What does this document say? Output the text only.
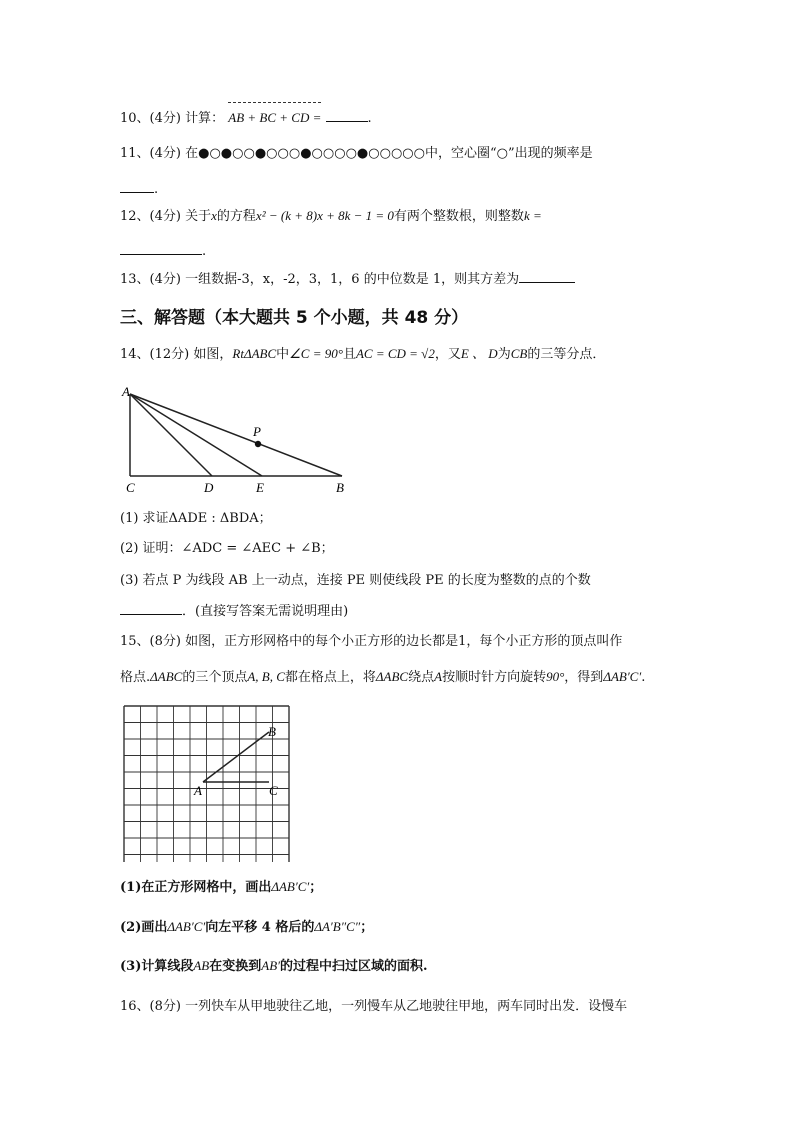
10、(4分) 计算： AB + BC + CD =	.
11、(4分) 在●○●○○●○○○●○○○○●○○○○○中，空心圈“○”出现的频率是
.
12、(4分) 关于x的方程x² − (k + 8)x + 8k − 1 = 0有两个整数根，则整数k =
.
13、(4分) 一组数据-3，x，-2，3，1，6 的中位数是 1，则其方差为
三、解答题（本大题共 5 个小题，共 48 分）
14、(12分) 如图，RtΔABC中∠C = 90°且AC = CD = √2，又E 、 D为CB的三等分点．
A
P
C	D	E	B
(1) 求证ΔADE : ΔBDA；
(2) 证明：∠ADC = ∠AEC + ∠B；
(3) 若点 P 为线段 AB 上一动点，连接 PE 则使线段 PE 的长度为整数的点的个数
．(直接写答案无需说明理由)
15、(8分) 如图，正方形网格中的每个小正方形的边长都是1，每个小正方形的顶点叫作
格点.ΔABC的三个顶点A, B, C都在格点上，将ΔABC绕点A按顺时针方向旋转90°，得到ΔAB′C′.
A
B
C
(1)在正方形网格中，画出ΔAB′C′；
(2)画出ΔAB′C′向左平移 4 格后的ΔA′B″C″；
(3)计算线段AB在变换到AB′的过程中扫过区域的面积.
16、(8分) 一列快车从甲地驶往乙地，一列慢车从乙地驶往甲地，两车同时出发．设慢车
